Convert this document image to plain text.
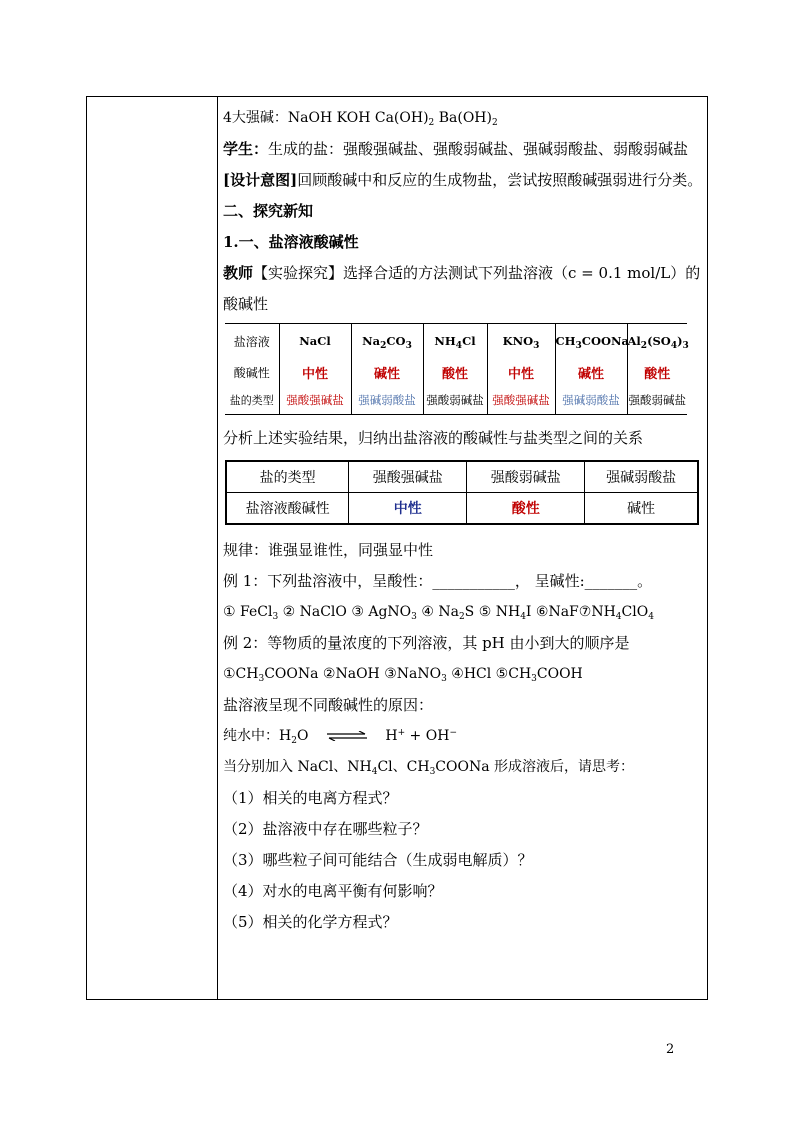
4大强碱：NaOH KOH $Ca(OH)_2$ $Ba(OH)_2$
学生：生成的盐：强酸强碱盐、强酸弱碱盐、强碱弱酸盐、弱酸弱碱盐
[设计意图]回顾酸碱中和反应的生成物盐，尝试按照酸碱强弱进行分类。
二、探究新知
1.一、盐溶液酸碱性
教师【实验探究】选择合适的方法测试下列盐溶液（c = 0.1 mol/L）的酸碱性
盐溶液	NaCl	$Na_2CO_3$	$NH_4Cl$	$KNO_3$	$CH_3COONa$	$Al_2(SO_4)_3$
酸碱性	中性	碱性	酸性	中性	碱性	酸性
盐的类型	强酸强碱盐	强碱弱酸盐	强酸弱碱盐	强酸强碱盐	强碱弱酸盐	强酸弱碱盐
分析上述实验结果，归纳出盐溶液的酸碱性与盐类型之间的关系
盐的类型	强酸强碱盐	强酸弱碱盐	强碱弱酸盐
盐溶液酸碱性	中性	酸性	碱性
规律：谁强显谁性，同强显中性
例 1：下列盐溶液中，呈酸性：___________， 呈碱性:_______。
① FeCl$_3$ ② NaClO ③ AgNO$_3$ ④ $Na_2S$ ⑤ $NH_4I$ $⑥NaF⑦NH_4ClO_4$
例 2：等物质的量浓度的下列溶液，其 pH 由小到大的顺序是
$①CH_3COONa$ ②NaOH ③NaNO$_3$ ④HCl $⑤CH_3COOH$
盐溶液呈现不同酸碱性的原因：
纯水中：$H_2O$ ⇌ H+ + OH−
当分别加入 NaCl、$NH_4Cl$、$CH_3COONa$ 形成溶液后，请思考：
（1）相关的电离方程式？
（2）盐溶液中存在哪些粒子？
（3）哪些粒子间可能结合（生成弱电解质）？
（4）对水的电离平衡有何影响？
（5）相关的化学方程式？
2
